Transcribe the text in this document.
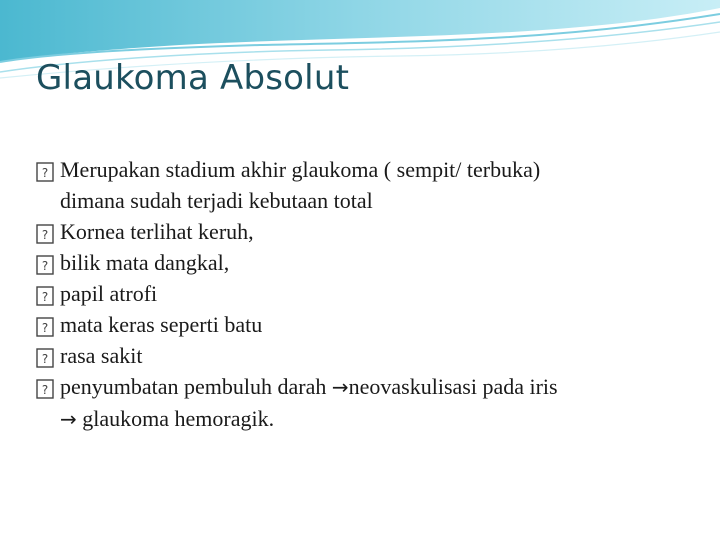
Glaukoma Absolut
? Merupakan stadium akhir glaukoma ( sempit/ terbuka)
dimana sudah terjadi kebutaan total
? Kornea terlihat keruh,
? bilik mata dangkal,
? papil atrofi
? mata keras seperti batu
? rasa sakit
? penyumbatan pembuluh darah →neovaskulisasi pada iris
→ glaukoma hemoragik.
